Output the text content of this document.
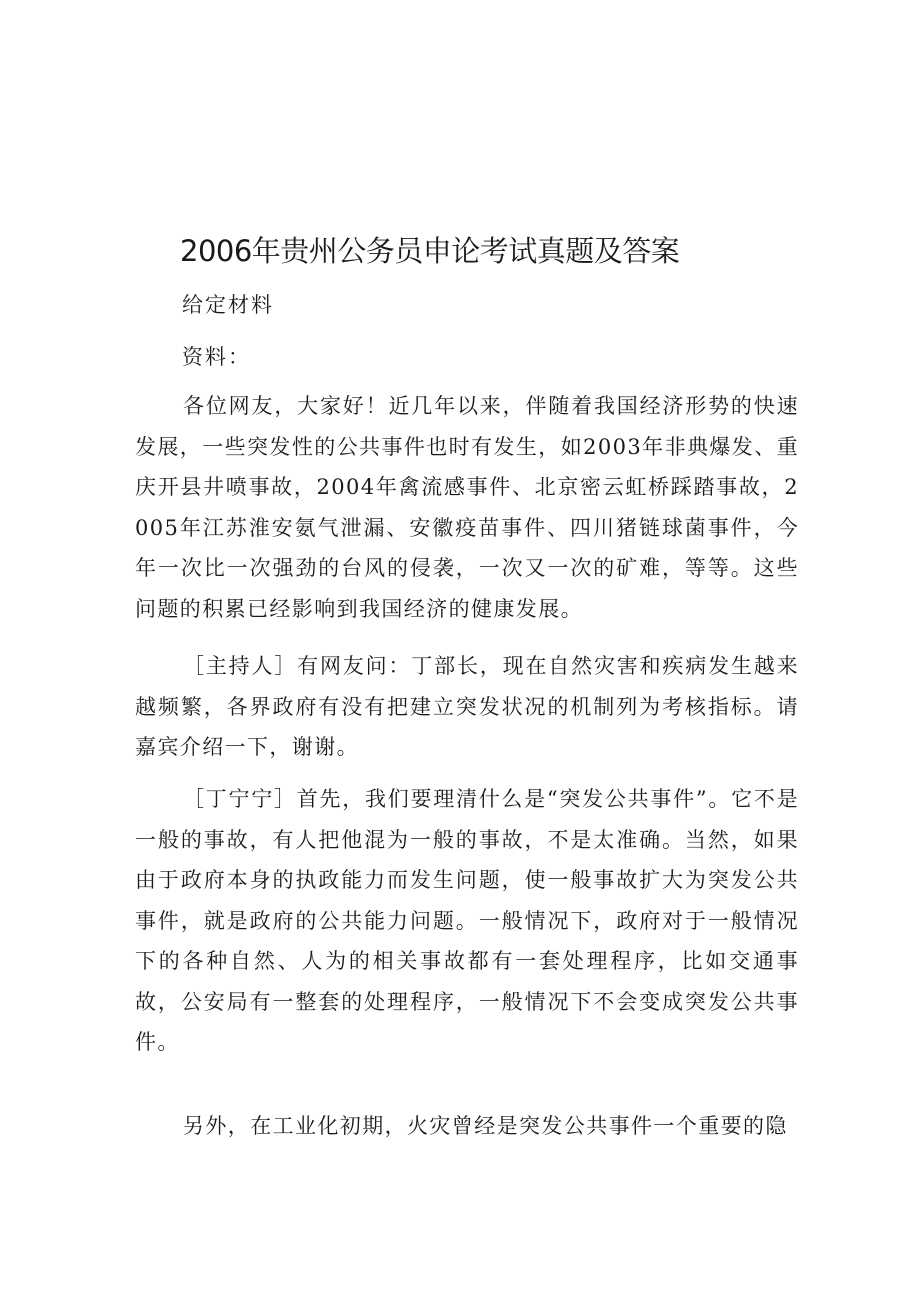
2006年贵州公务员申论考试真题及答案
给定材料
资料：

各位网友，大家好！近几年以来，伴随着我国经济形势的快速发展，一些突发性的公共事件也时有发生，如2003年非典爆发、重庆开县井喷事故，2004年禽流感事件、北京密云虹桥踩踏事故，2005年江苏淮安氨气泄漏、安徽疫苗事件、四川猪链球菌事件，今年一次比一次强劲的台风的侵袭，一次又一次的矿难，等等。这些问题的积累已经影响到我国经济的健康发展。

［主持人］有网友问：丁部长，现在自然灾害和疾病发生越来越频繁，各界政府有没有把建立突发状况的机制列为考核指标。请嘉宾介绍一下，谢谢。

［丁宁宁］首先，我们要理清什么是“突发公共事件”。它不是一般的事故，有人把他混为一般的事故，不是太准确。当然，如果由于政府本身的执政能力而发生问题，使一般事故扩大为突发公共事件，就是政府的公共能力问题。一般情况下，政府对于一般情况下的各种自然、人为的相关事故都有一套处理程序，比如交通事故，公安局有一整套的处理程序，一般情况下不会变成突发公共事件。

另外，在工业化初期，火灾曾经是突发公共事件一个重要的隐
